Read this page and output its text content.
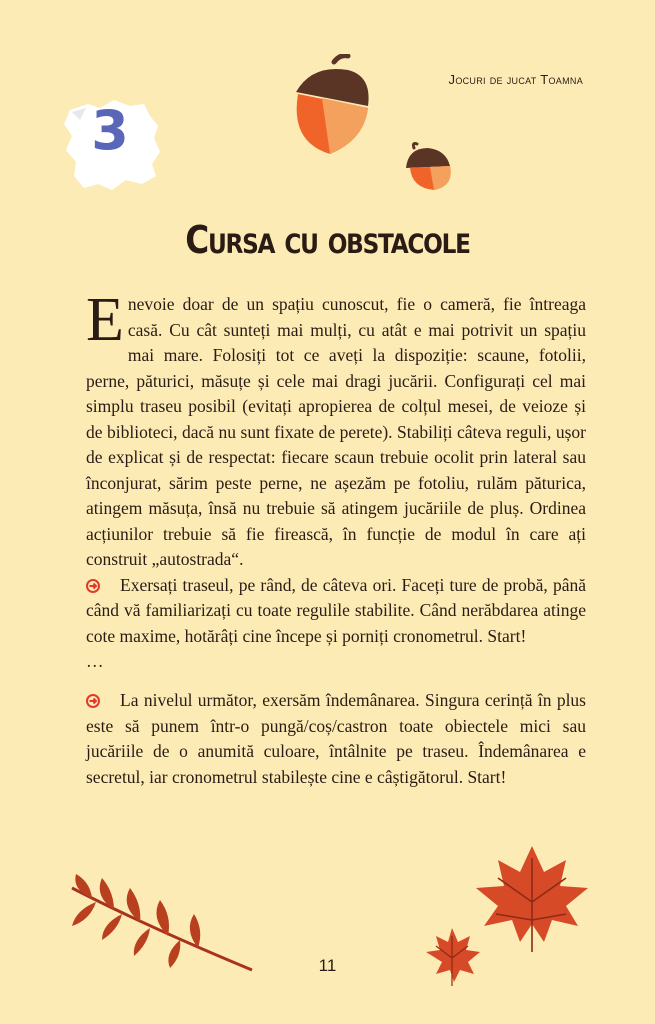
Jocuri de jucat Toamna
3
Cursa cu obstacole

Enevoie doar de un spațiu cunoscut, fie o cameră, fie întreaga casă. Cu cât sunteți mai mulți, cu atât e mai potrivit un spațiu mai mare. Folosiți tot ce aveți la dispoziție: scaune, fotolii, perne, păturici, măsuțe și cele mai dragi jucării. Configurați cel mai simplu traseu posibil (evitați apropierea de colțul mesei, de veioze și de biblioteci, dacă nu sunt fixate de perete). Stabiliți câteva reguli, ușor de explicat și de respectat: fiecare scaun trebuie ocolit prin lateral sau înconjurat, sărim peste perne, ne așezăm pe fotoliu, rulăm păturica, atingem măsuța, însă nu trebuie să atingem jucăriile de pluș. Ordinea acțiunilor trebuie să fie firească, în funcție de modul în care ați construit „autostrada“.

Exersați traseul, pe rând, de câteva ori. Faceți ture de probă, până când vă familiarizați cu toate regulile stabilite. Când nerăbdarea atinge cote maxime, hotărâți cine începe și porniți cronometrul. Start!

…

La nivelul următor, exersăm îndemânarea. Singura cerință în plus este să punem într-o pungă/coș/castron toate obiectele mici sau jucăriile de o anumită culoare, întâlnite pe traseu. Îndemânarea e secretul, iar cronometrul stabilește cine e câștigătorul. Start!

11
